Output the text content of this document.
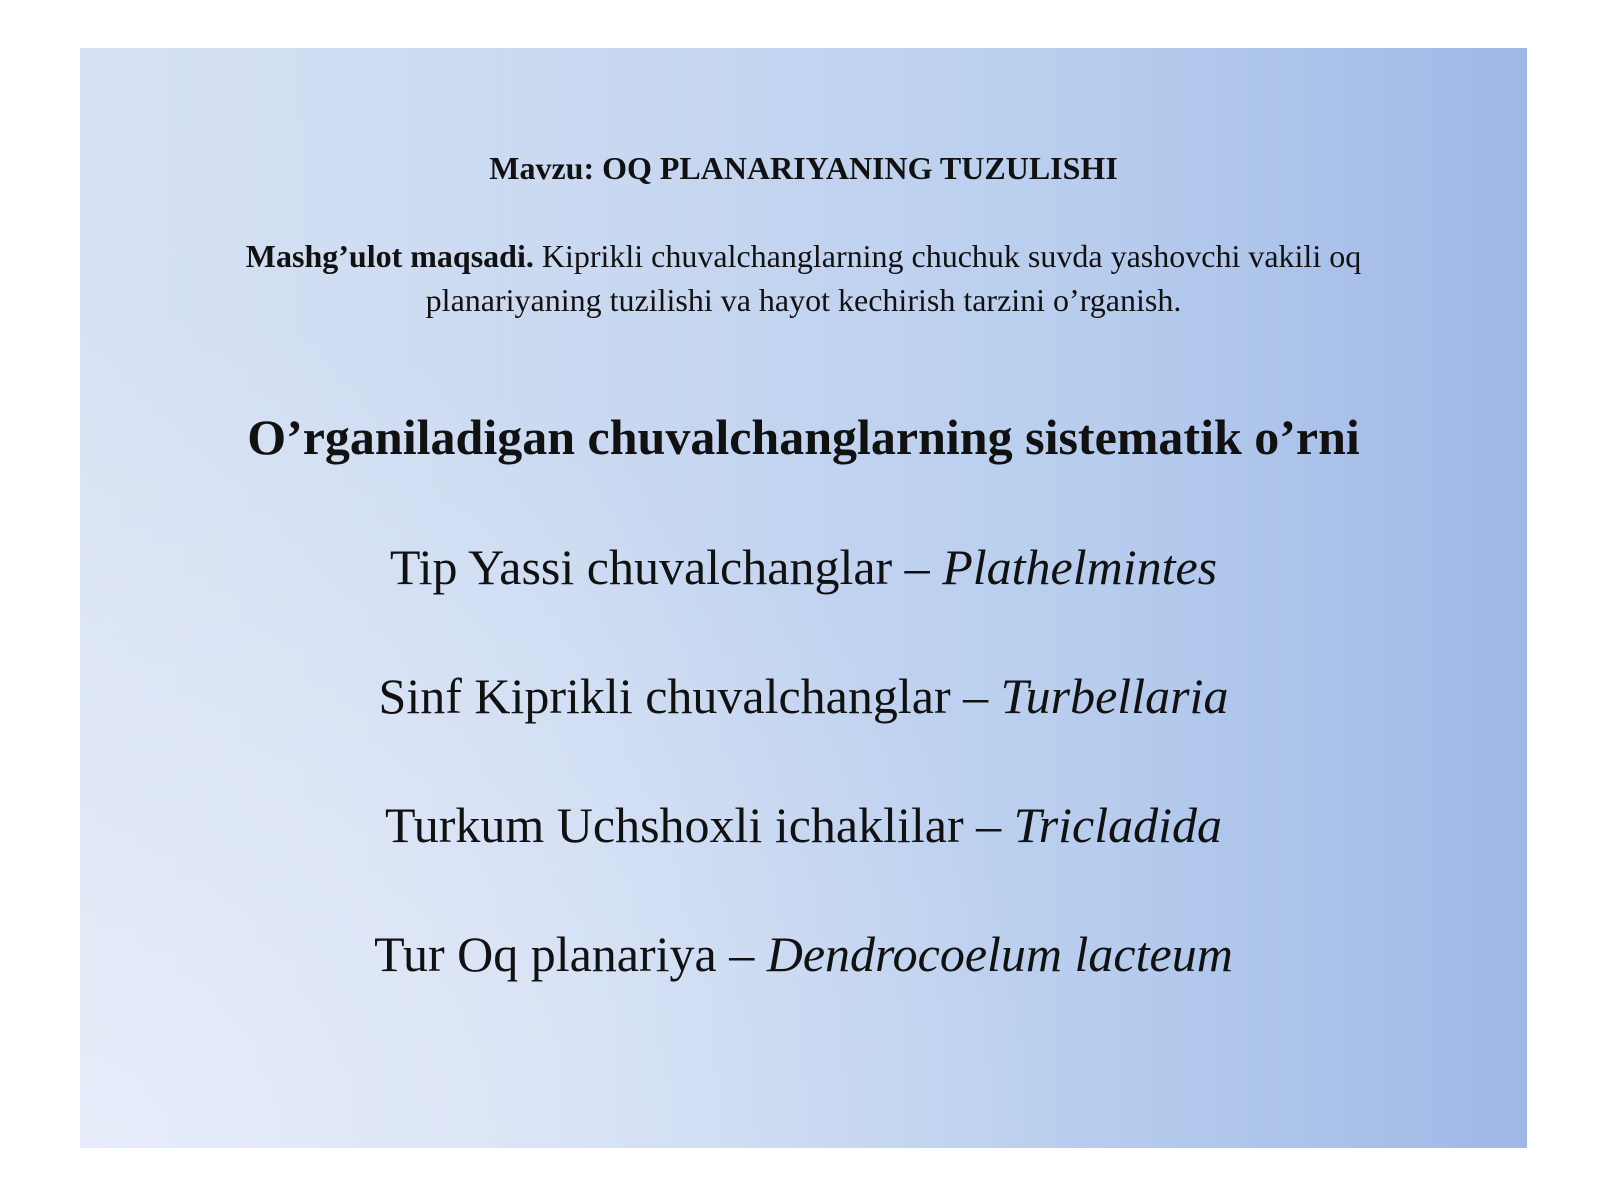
Mavzu: OQ PLANARIYANING TUZULISHI
Mashg’ulot maqsadi. Kiprikli chuvalchanglarning chuchuk suvda yashovchi vakili oq planariyaning tuzilishi va hayot kechirish tarzini o’rganish.
O’rganiladigan chuvalchanglarning sistematik o’rni
Tip Yassi chuvalchanglar – Plathelmintes
Sinf Kiprikli chuvalchanglar – Turbellaria
Turkum Uchshoxli ichaklilar – Tricladida
Tur Oq planariya – Dendrocoelum lacteum
